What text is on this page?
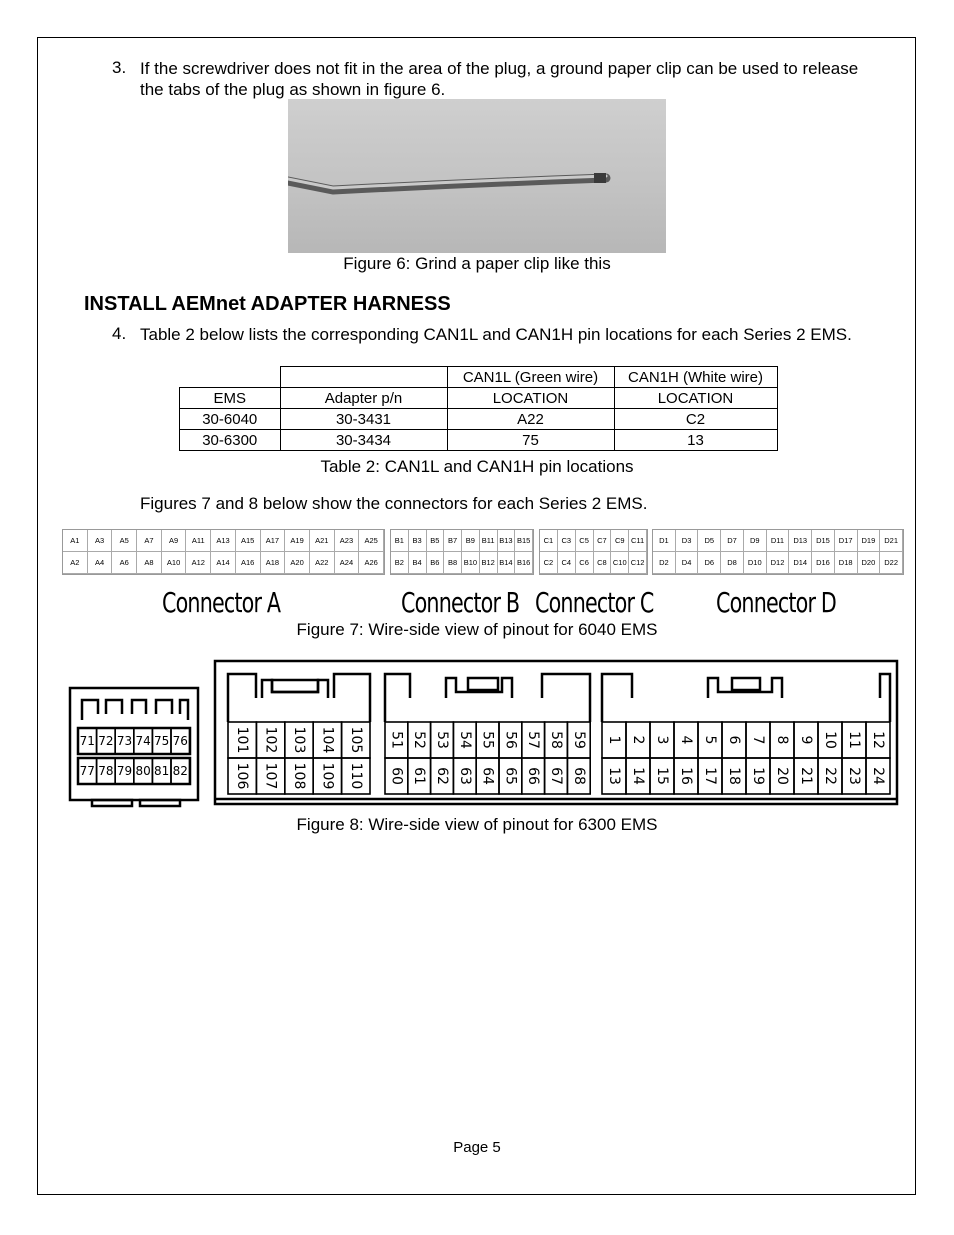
3. If the screwdriver does not fit in the area of the plug, a ground paper clip can be used to release the tabs of the plug as shown in figure 6.
Figure 6: Grind a paper clip like this
INSTALL AEMnet ADAPTER HARNESS
4. Table 2 below lists the corresponding CAN1L and CAN1H pin locations for each Series 2 EMS.
		CAN1L (Green wire)	CAN1H (White wire)
EMS	Adapter p/n	LOCATION	LOCATION
30-6040	30-3431	A22	C2
30-6300	30-3434	75	13
Table 2: CAN1L and CAN1H pin locations
Figures 7 and 8 below show the connectors for each Series 2 EMS.
A1	A3	A5	A7	A9	A11	A13	A15	A17	A19	A21	A23	A25
A2	A4	A6	A8	A10	A12	A14	A16	A18	A20	A22	A24	A26
B1	B3	B5	B7	B9 B11 B13 B15
B2	B4	B6	B8 B10 B12 B14 B16
C1	C3	C5	C7	C9 C11
C2	C4	C6	C8 C10 C12
D1	D3	D5	D7	D9	D11	D13	D15	D17	D19	D21
D2	D4	D6	D8	D10	D12	D14	D16	D18	D20	D22
Connector A	Connector B Connector C Connector D
Figure 7: Wire-side view of pinout for 6040 EMS
71 72 73 74 75 76
77 78 79 80 81 82
101 102 103 104 105
106 107 108 109 110
51 52 53 54 55 56 57 58 59
60 61 62 63 64 65 66 67 68
1 2 3 4 5 6 7 8 9 10 11 12
13 14 15 16 17 18 19 20 21 22 23 24
Figure 8: Wire-side view of pinout for 6300 EMS
Page 5
